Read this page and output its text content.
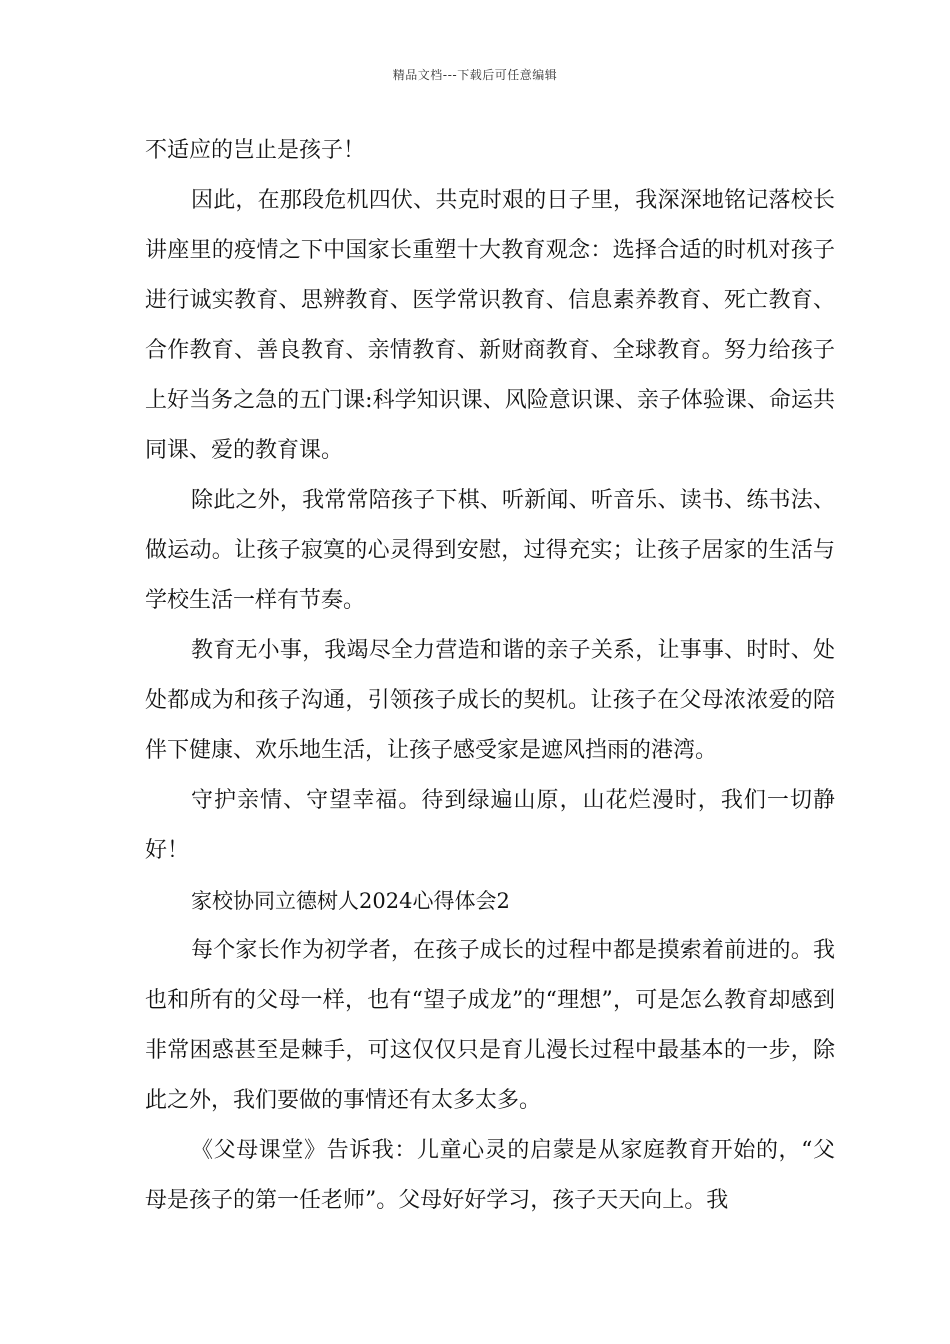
精品文档---下载后可任意编辑

不适应的岂止是孩子！

因此，在那段危机四伏、共克时艰的日子里，我深深地铭记落校长讲座里的疫情之下中国家长重塑十大教育观念：选择合适的时机对孩子进行诚实教育、思辨教育、医学常识教育、信息素养教育、死亡教育、合作教育、善良教育、亲情教育、新财商教育、全球教育。努力给孩子上好当务之急的五门课:科学知识课、风险意识课、亲子体验课、命运共同课、爱的教育课。

除此之外，我常常陪孩子下棋、听新闻、听音乐、读书、练书法、做运动。让孩子寂寞的心灵得到安慰，过得充实；让孩子居家的生活与学校生活一样有节奏。

教育无小事，我竭尽全力营造和谐的亲子关系，让事事、时时、处处都成为和孩子沟通，引领孩子成长的契机。让孩子在父母浓浓爱的陪伴下健康、欢乐地生活，让孩子感受家是遮风挡雨的港湾。

守护亲情、守望幸福。待到绿遍山原，山花烂漫时，我们一切静好！

家校协同立德树人2024心得体会2

每个家长作为初学者，在孩子成长的过程中都是摸索着前进的。我也和所有的父母一样，也有“望子成龙”的“理想”，可是怎么教育却感到非常困惑甚至是棘手，可这仅仅只是育儿漫长过程中最基本的一步，除此之外，我们要做的事情还有太多太多。

《父母课堂》告诉我：儿童心灵的启蒙是从家庭教育开始的，“父母是孩子的第一任老师”。父母好好学习，孩子天天向上。我
